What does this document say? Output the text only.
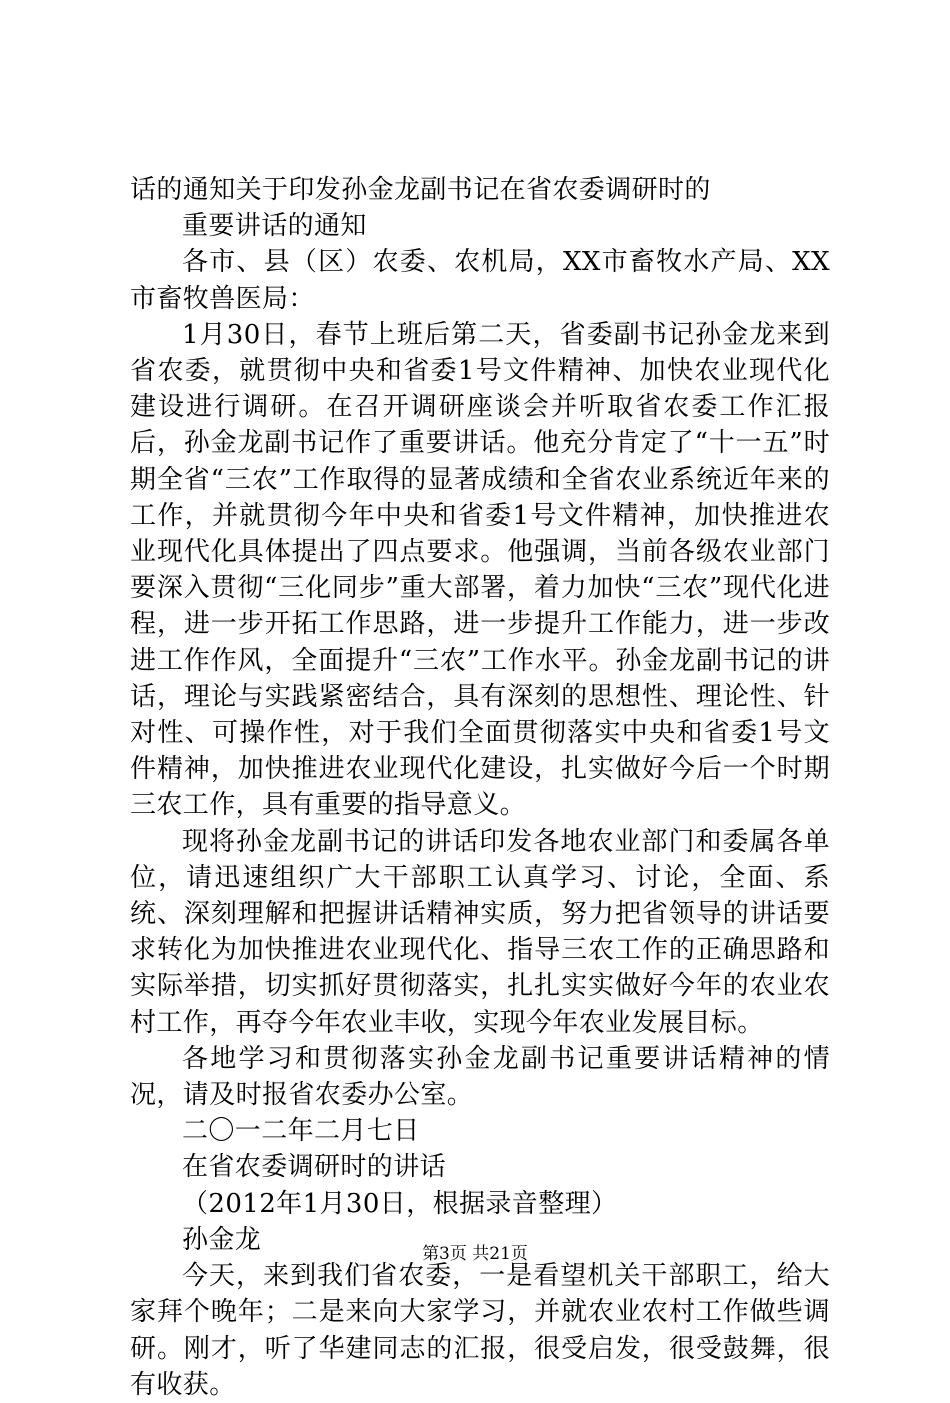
话的通知关于印发孙金龙副书记在省农委调研时的

重要讲话的通知

各市、县（区）农委、农机局，XX市畜牧水产局、XX市畜牧兽医局：

1月30日，春节上班后第二天，省委副书记孙金龙来到省农委，就贯彻中央和省委1号文件精神、加快农业现代化建设进行调研。在召开调研座谈会并听取省农委工作汇报后，孙金龙副书记作了重要讲话。他充分肯定了“十一五”时期全省“三农”工作取得的显著成绩和全省农业系统近年来的工作，并就贯彻今年中央和省委1号文件精神，加快推进农业现代化具体提出了四点要求。他强调，当前各级农业部门要深入贯彻“三化同步”重大部署，着力加快“三农”现代化进程，进一步开拓工作思路，进一步提升工作能力，进一步改进工作作风，全面提升“三农”工作水平。孙金龙副书记的讲话，理论与实践紧密结合，具有深刻的思想性、理论性、针对性、可操作性，对于我们全面贯彻落实中央和省委1号文件精神，加快推进农业现代化建设，扎实做好今后一个时期三农工作，具有重要的指导意义。

现将孙金龙副书记的讲话印发各地农业部门和委属各单位，请迅速组织广大干部职工认真学习、讨论，全面、系统、深刻理解和把握讲话精神实质，努力把省领导的讲话要求转化为加快推进农业现代化、指导三农工作的正确思路和实际举措，切实抓好贯彻落实，扎扎实实做好今年的农业农村工作，再夺今年农业丰收，实现今年农业发展目标。

各地学习和贯彻落实孙金龙副书记重要讲话精神的情况，请及时报省农委办公室。

二〇一二年二月七日

在省农委调研时的讲话

（2012年1月30日，根据录音整理）

孙金龙

今天，来到我们省农委，一是看望机关干部职工，给大家拜个晚年；二是来向大家学习，并就农业农村工作做些调研。刚才，听了华建同志的汇报，很受启发，很受鼓舞，很有收获。

第3页 共21页
